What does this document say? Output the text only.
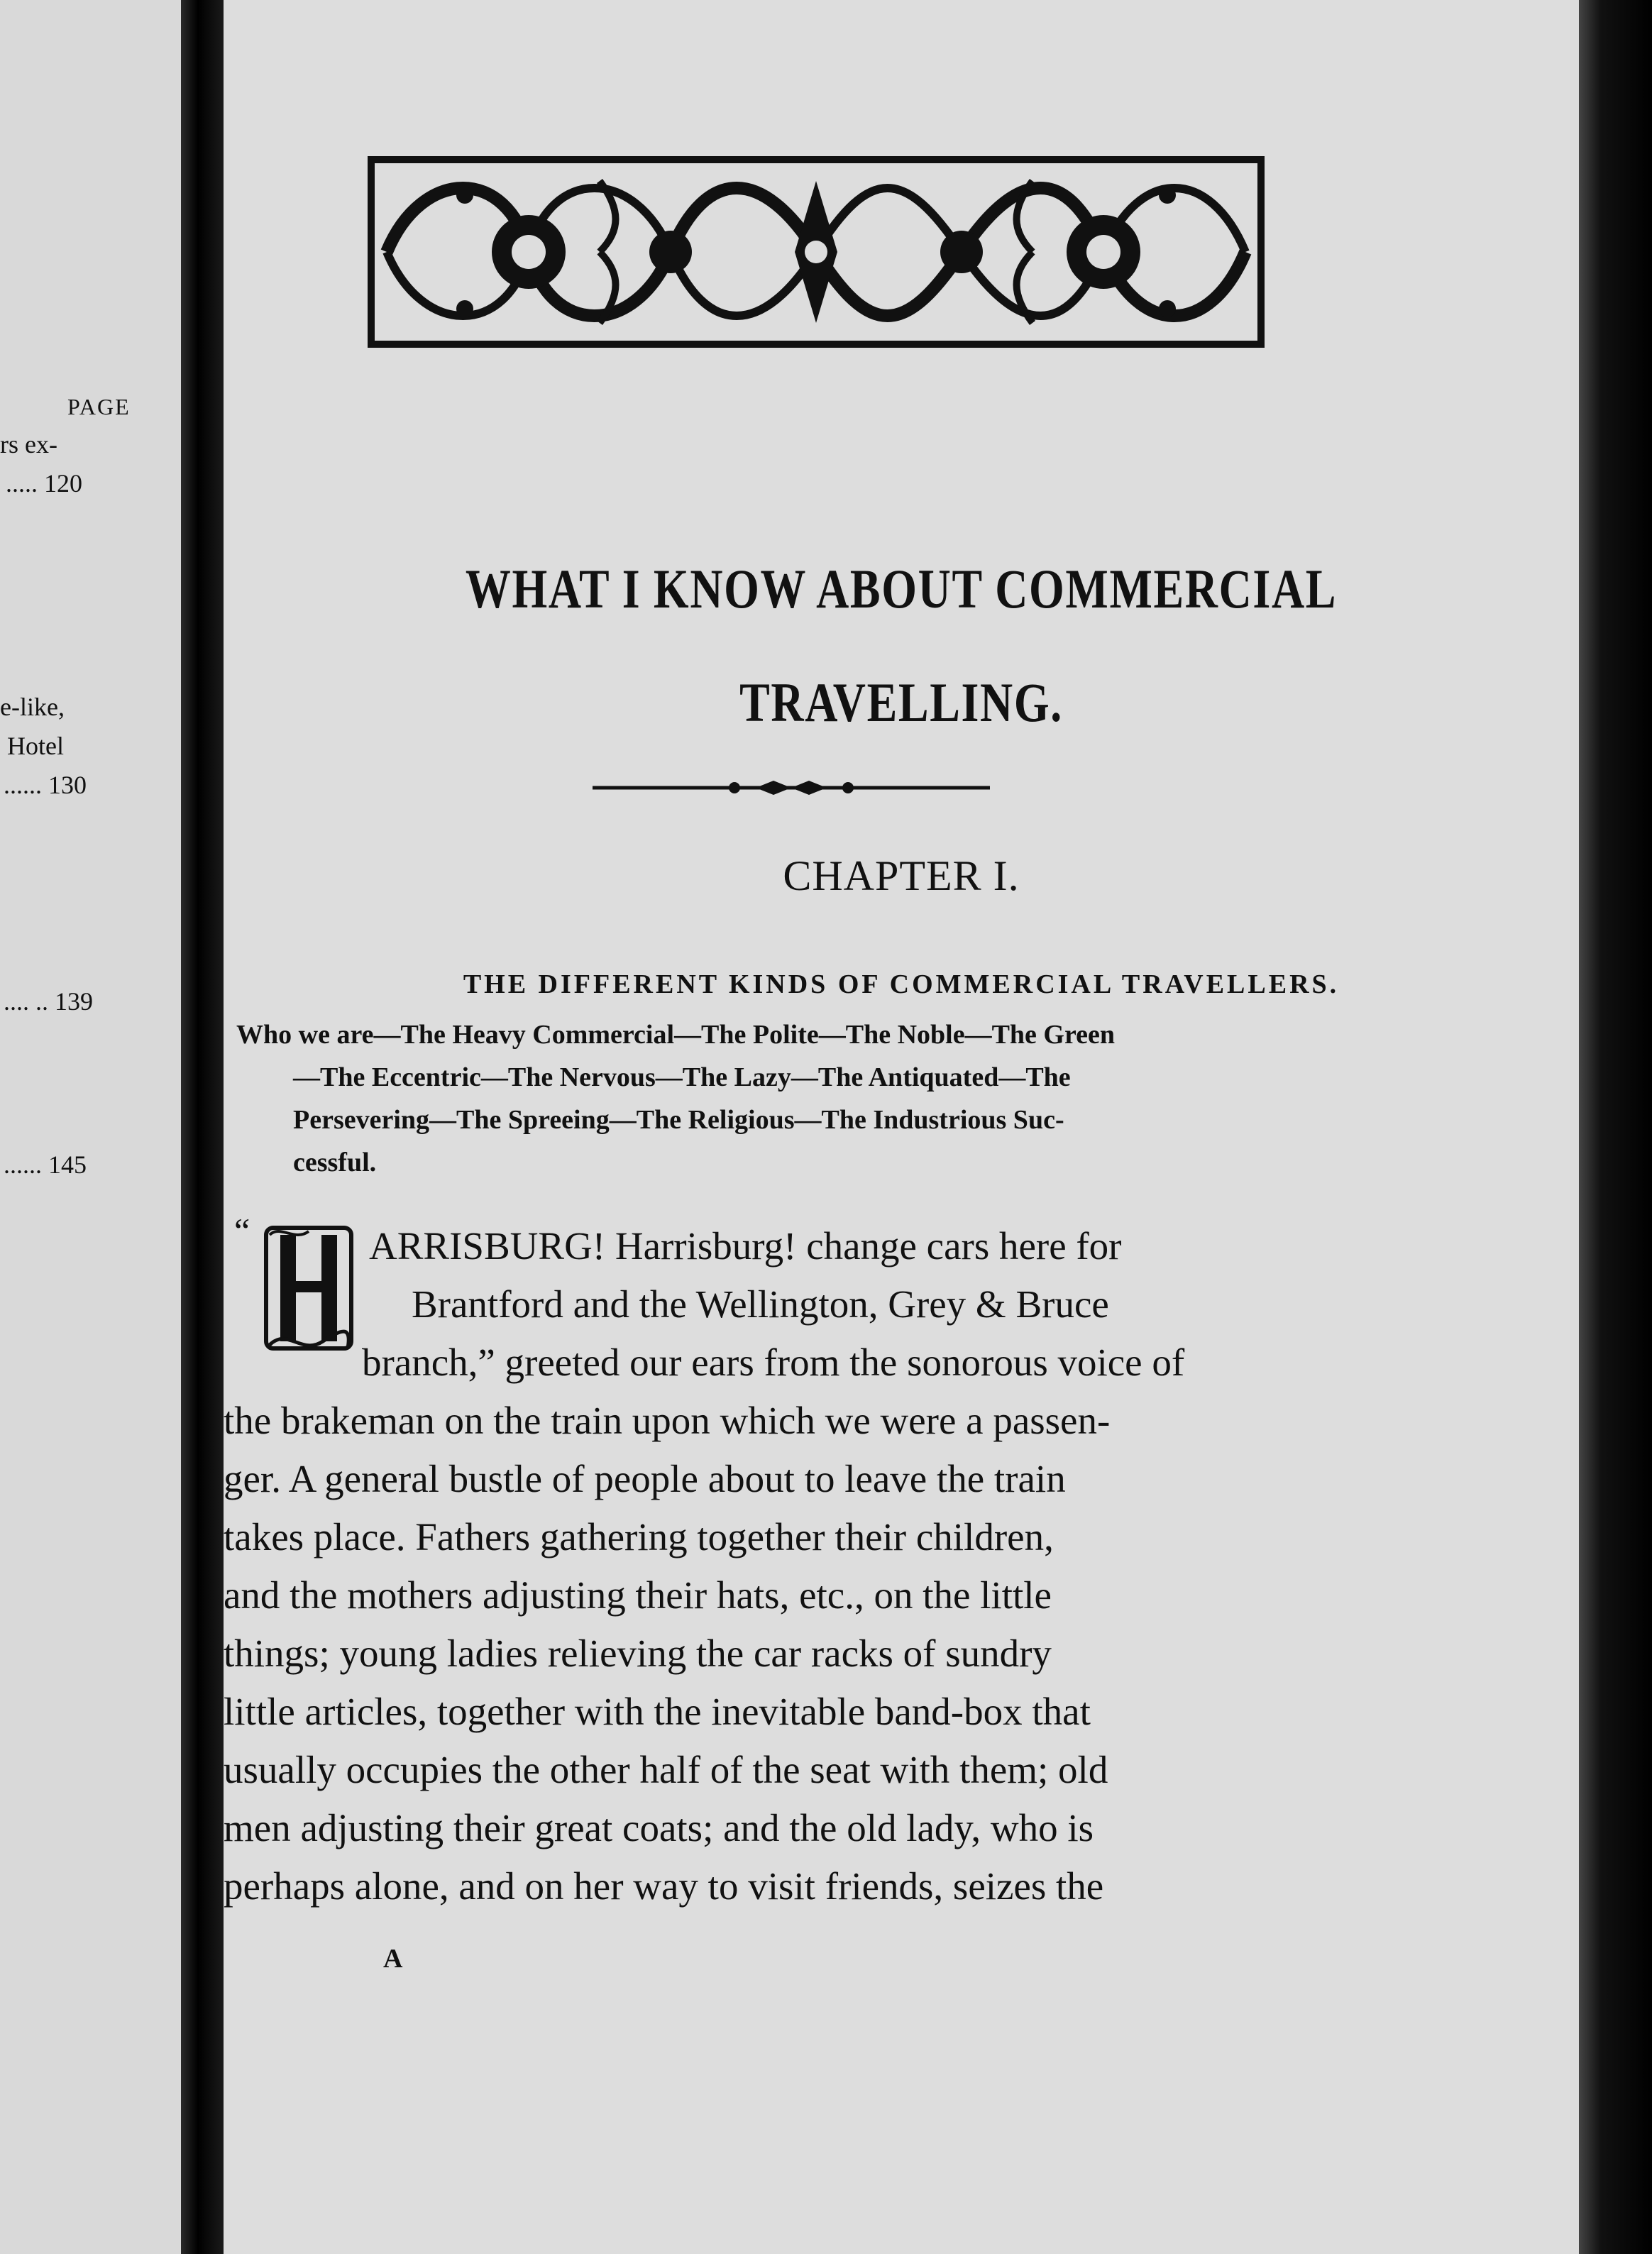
PAGE
rs ex-
..... 120
e-like,
Hotel
...... 130
.... .. 139
...... 145
WHAT I KNOW ABOUT COMMERCIAL
TRAVELLING.
CHAPTER I.
THE DIFFERENT KINDS OF COMMERCIAL TRAVELLERS.
Who we are—The Heavy Commercial—The Polite—The Noble—The Green
—The Eccentric—The Nervous—The Lazy—The Antiquated—The
Persevering—The Spreeing—The Religious—The Industrious Suc-
cessful.
“	ARRISBURG! Harrisburg! change cars here for
Brantford and the Wellington, Grey & Bruce
branch,” greeted our ears from the sonorous voice of
the brakeman on the train upon which we were a passen-
ger. A general bustle of people about to leave the train
takes place. Fathers gathering together their children,
and the mothers adjusting their hats, etc., on the little
things; young ladies relieving the car racks of sundry
little articles, together with the inevitable band-box that
usually occupies the other half of the seat with them; old
men adjusting their great coats; and the old lady, who is
perhaps alone, and on her way to visit friends, seizes the
A
